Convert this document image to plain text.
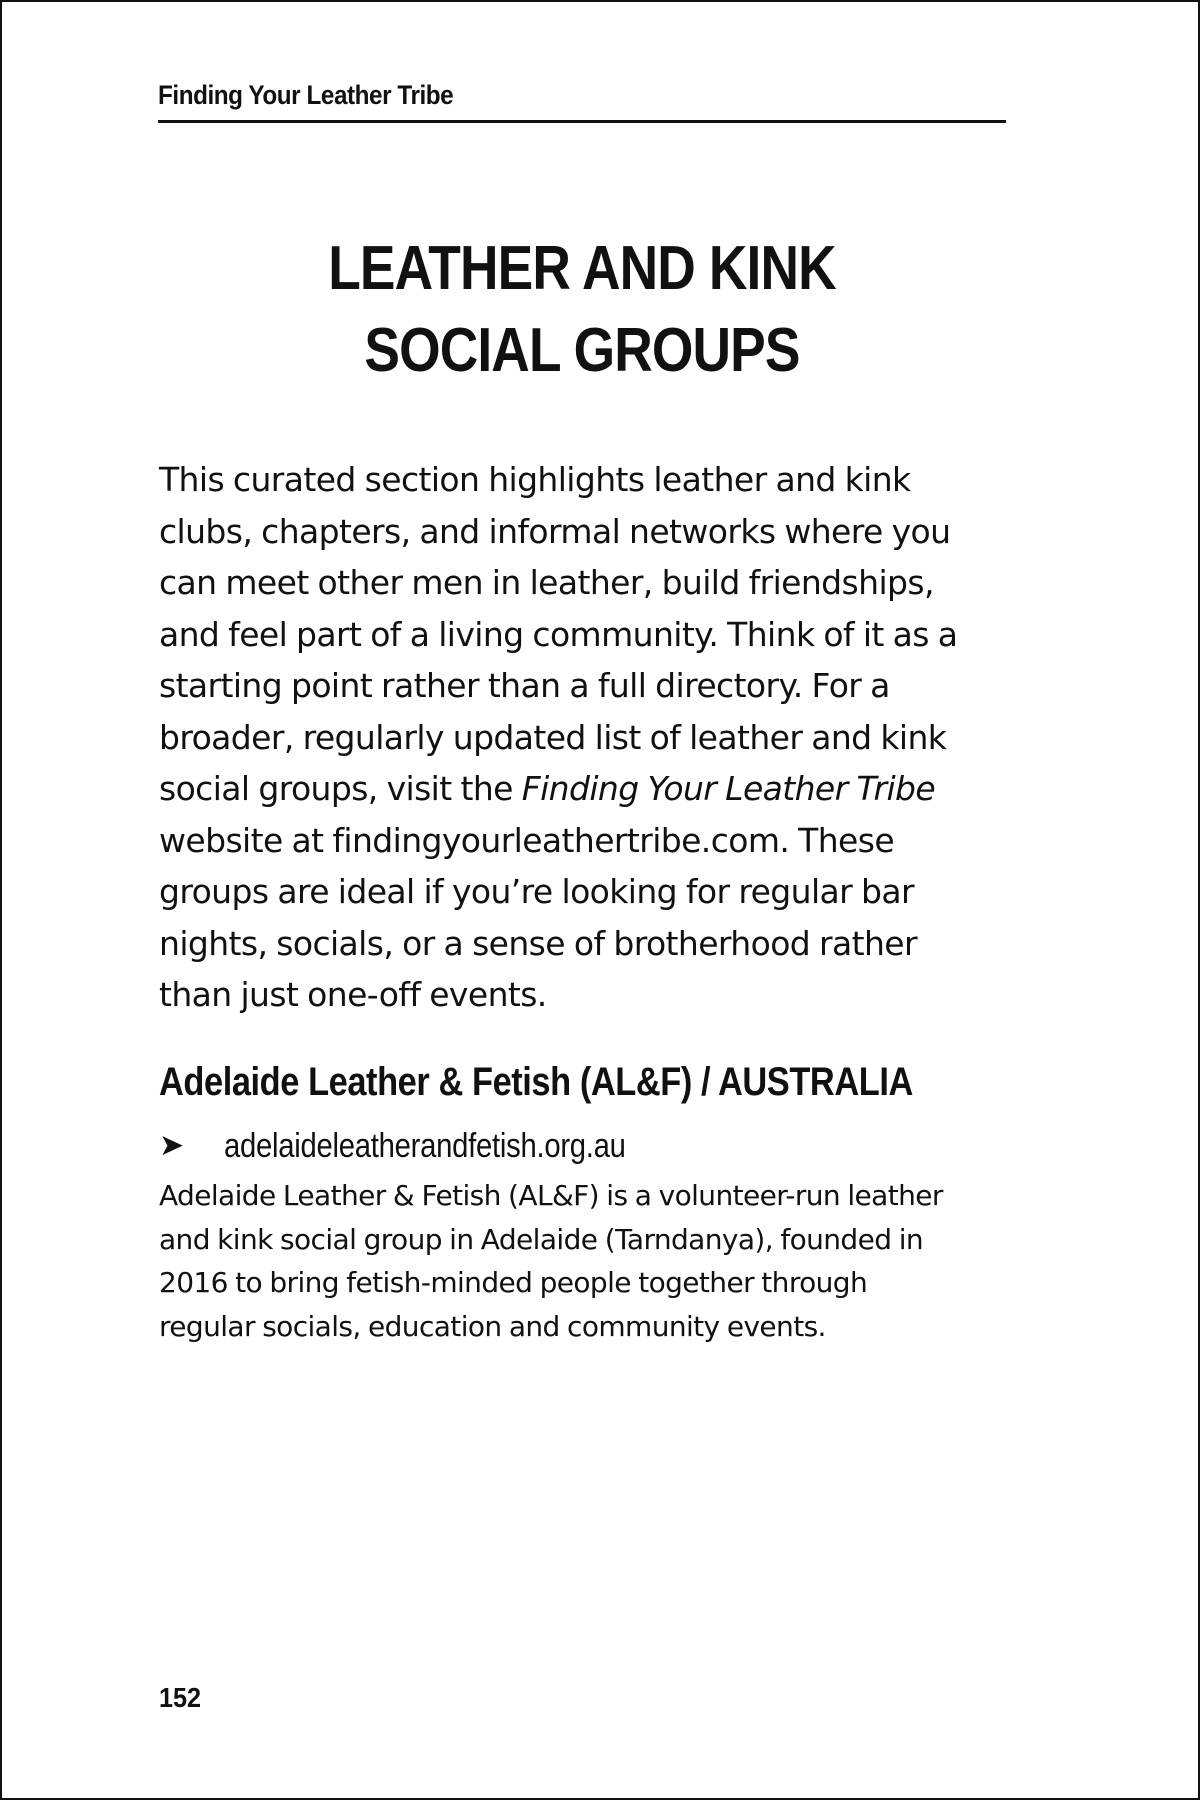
Finding Your Leather Tribe
LEATHER AND KINK
SOCIAL GROUPS

This curated section highlights leather and kink
clubs, chapters, and informal networks where you
can meet other men in leather, build friendships,
and feel part of a living community. Think of it as a
starting point rather than a full directory. For a
broader, regularly updated list of leather and kink
social groups, visit the Finding Your Leather Tribe
website at findingyourleathertribe.com. These
groups are ideal if you’re looking for regular bar
nights, socials, or a sense of brotherhood rather
than just one-off events.

Adelaide Leather & Fetish (AL&F) / AUSTRALIA
➤ adelaideleatherandfetish.org.au
Adelaide Leather & Fetish (AL&F) is a volunteer-run leather
and kink social group in Adelaide (Tarndanya), founded in
2016 to bring fetish-minded people together through
regular socials, education and community events.
152
